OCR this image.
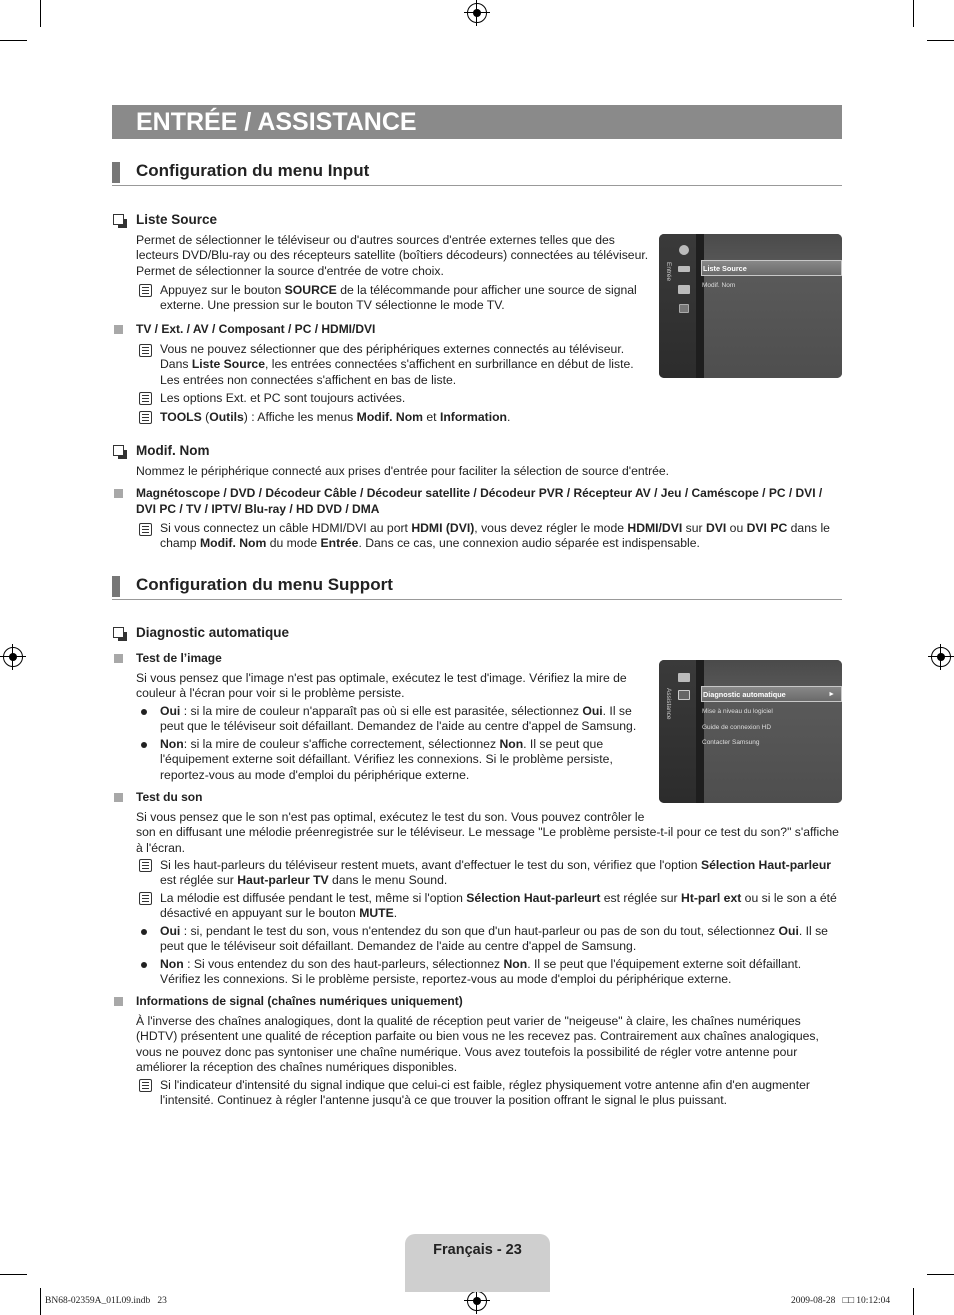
ENTRÉE / ASSISTANCE
Configuration du menu Input
Liste Source
Permet de sélectionner le téléviseur ou d'autres sources d'entrée externes telles que des
lecteurs DVD/Blu-ray ou des récepteurs satellite (boîtiers décodeurs) connectées au téléviseur.
Permet de sélectionner la source d'entrée de votre choix.
Appuyez sur le bouton SOURCE de la télécommande pour afficher une source de signal
externe. Une pression sur le bouton TV sélectionne le mode TV.
TV / Ext. / AV / Composant / PC / HDMI/DVI
Vous ne pouvez sélectionner que des périphériques externes connectés au téléviseur.
Dans Liste Source, les entrées connectées s'affichent en surbrillance en début de liste.
Les entrées non connectées s'affichent en bas de liste.
Les options Ext. et PC sont toujours activées.
TOOLS (Outils) : Affiche les menus Modif. Nom et Information.
Entrée	Liste Source
Modif. Nom
Modif. Nom
Nommez le périphérique connecté aux prises d'entrée pour faciliter la sélection de source d'entrée.
Magnétoscope / DVD / Décodeur Câble / Décodeur satellite / Décodeur PVR / Récepteur AV / Jeu / Caméscope / PC / DVI /
DVI PC / TV / IPTV/ Blu-ray / HD DVD / DMA
Si vous connectez un câble HDMI/DVI au port HDMI (DVI), vous devez régler le mode HDMI/DVI sur DVI ou DVI PC dans le
champ Modif. Nom du mode Entrée. Dans ce cas, une connexion audio séparée est indispensable.
Configuration du menu Support
Diagnostic automatique
Test de l’image
Si vous pensez que l'image n'est pas optimale, exécutez le test d'image. Vérifiez la mire de
couleur à l'écran pour voir si le problème persiste.
Oui : si la mire de couleur n'apparaît pas où si elle est parasitée, sélectionnez Oui. Il se
peut que le téléviseur soit défaillant. Demandez de l'aide au centre d'appel de Samsung.
Non: si la mire de couleur s'affiche correctement, sélectionnez Non. Il se peut que
l'équipement externe soit défaillant. Vérifiez les connexions. Si le problème persiste,
reportez-vous au mode d'emploi du périphérique externe.
Assistance	Diagnostic automatique	►
Mise à niveau du logiciel
Guide de connexion HD
Contacter Samsung
Test du son
Si vous pensez que le son n'est pas optimal, exécutez le test du son. Vous pouvez contrôler le
son en diffusant une mélodie préenregistrée sur le téléviseur. Le message "Le problème persiste-t-il pour ce test du son?" s'affiche
à l'écran.
Si les haut-parleurs du téléviseur restent muets, avant d'effectuer le test du son, vérifiez que l'option Sélection Haut-parleur
est réglée sur Haut-parleur TV dans le menu Sound.
La mélodie est diffusée pendant le test, même si l'option Sélection Haut-parleurt est réglée sur Ht-parl ext ou si le son a été
désactivé en appuyant sur le bouton MUTE.
Oui : si, pendant le test du son, vous n'entendez du son que d'un haut-parleur ou pas de son du tout, sélectionnez Oui. Il se
peut que le téléviseur soit défaillant. Demandez de l'aide au centre d'appel de Samsung.
Non : Si vous entendez du son des haut-parleurs, sélectionnez Non. Il se peut que l'équipement externe soit défaillant.
Vérifiez les connexions. Si le problème persiste, reportez-vous au mode d'emploi du périphérique externe.
Informations de signal (chaînes numériques uniquement)
À l'inverse des chaînes analogiques, dont la qualité de réception peut varier de "neigeuse" à claire, les chaînes numériques
(HDTV) présentent une qualité de réception parfaite ou bien vous ne les recevez pas. Contrairement aux chaînes analogiques,
vous ne pouvez donc pas syntoniser une chaîne numérique. Vous avez toutefois la possibilité de régler votre antenne pour
améliorer la réception des chaînes numériques disponibles.
Si l'indicateur d'intensité du signal indique que celui-ci est faible, réglez physiquement votre antenne afin d'en augmenter
l'intensité. Continuez à régler l'antenne jusqu'à ce que trouver la position offrant le signal le plus puissant.
Français - 23
BN68-02359A_01L09.indb   23	2009-08-28   □□ 10:12:04
